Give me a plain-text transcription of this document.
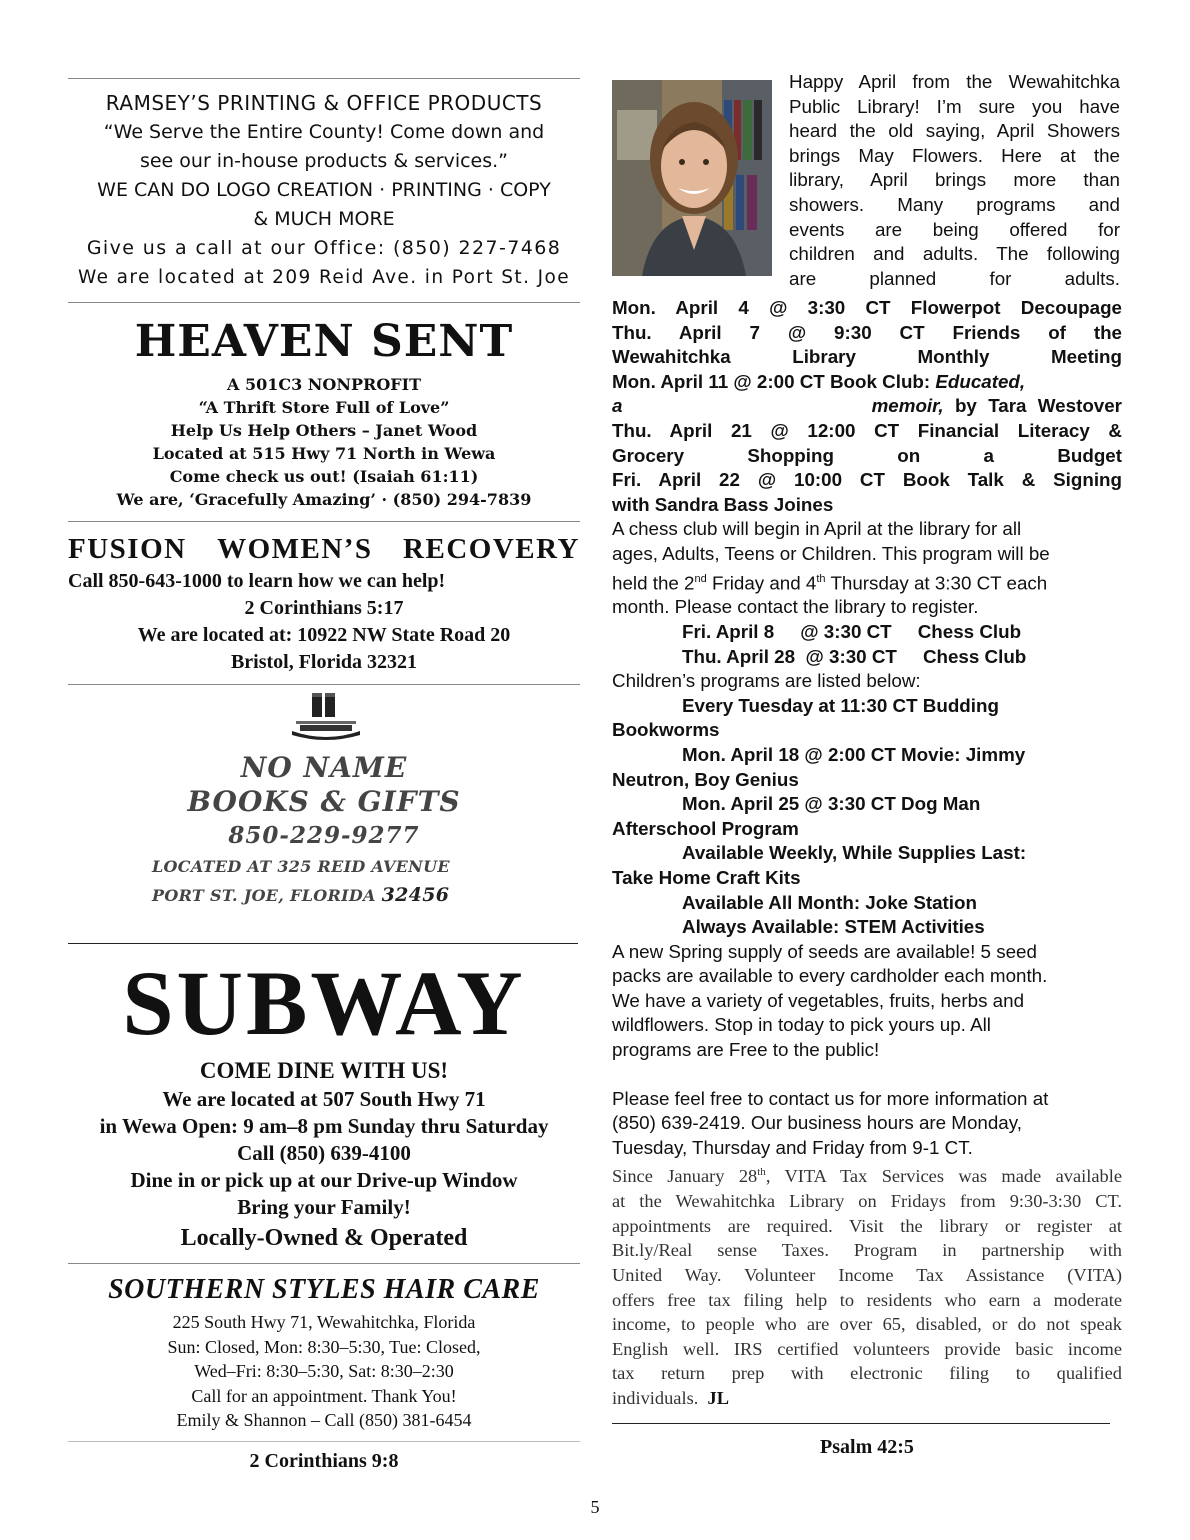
RAMSEY’S PRINTING & OFFICE PRODUCTS
“We Serve the Entire County! Come down and
see our in-house products & services.”
WE CAN DO LOGO CREATION · PRINTING · COPY
& MUCH MORE
Give us a call at our Office: (850) 227-7468
We are located at 209 Reid Ave. in Port St. Joe
HEAVEN SENT
A 501C3 NONPROFIT
“A Thrift Store Full of Love”
Help Us Help Others – Janet Wood
Located at 515 Hwy 71 North in Wewa
Come check us out! (Isaiah 61:11)
We are, ‘Gracefully Amazing’ · (850) 294-7839
FUSION WOMEN’S RECOVERY
Call 850-643-1000 to learn how we can help!
2 Corinthians 5:17
We are located at: 10922 NW State Road 20
Bristol, Florida 32321
NO NAME
BOOKS & GIFTS
850-229-9277
LOCATED AT 325 REID AVENUE
PORT ST. JOE, FLORIDA 32456
SUBWAY
COME DINE WITH US!
We are located at 507 South Hwy 71
in Wewa Open: 9 am–8 pm Sunday thru Saturday
Call (850) 639-4100
Dine in or pick up at our Drive-up Window
Bring your Family!
Locally-Owned & Operated
SOUTHERN STYLES HAIR CARE
225 South Hwy 71, Wewahitchka, Florida
Sun: Closed, Mon: 8:30–5:30, Tue: Closed,
Wed–Fri: 8:30–5:30, Sat: 8:30–2:30
Call for an appointment. Thank You!
Emily & Shannon – Call (850) 381-6454
2 Corinthians 9:8
Happy April from the Wewahitchka
Public Library! I’m sure you have
heard the old saying, April Showers
brings May Flowers. Here at the
library, April brings more than
showers. Many programs and
events are being offered for
children and adults. The following
are planned for adults.
Mon. April 4 @ 3:30 CT Flowerpot Decoupage
Thu. April 7 @ 9:30 CT Friends of the
Wewahitchka Library Monthly Meeting
Mon. April 11 @ 2:00 CT Book Club: Educated,
a	memoir, by Tara Westover
Thu. April 21 @ 12:00 CT Financial Literacy &
Grocery Shopping on a Budget
Fri. April 22 @ 10:00 CT Book Talk & Signing
with Sandra Bass Joines
A chess club will begin in April at the library for all
ages, Adults, Teens or Children. This program will be
held the 2nd Friday and 4th Thursday at 3:30 CT each
month. Please contact the library to register.
Fri. April 8     @ 3:30 CT     Chess Club
Thu. April 28  @ 3:30 CT     Chess Club
Children’s programs are listed below:
Every Tuesday at 11:30 CT Budding
Bookworms
Mon. April 18 @ 2:00 CT Movie: Jimmy
Neutron, Boy Genius
Mon. April 25 @ 3:30 CT Dog Man
Afterschool Program
Available Weekly, While Supplies Last:
Take Home Craft Kits
Available All Month: Joke Station
Always Available: STEM Activities
A new Spring supply of seeds are available! 5 seed
packs are available to every cardholder each month.
We have a variety of vegetables, fruits, herbs and
wildflowers. Stop in today to pick yours up. All
programs are Free to the public!
Please feel free to contact us for more information at
(850) 639-2419. Our business hours are Monday,
Tuesday, Thursday and Friday from 9-1 CT.
Since January 28th, VITA Tax Services was made available
at the Wewahitchka Library on Fridays from 9:30-3:30 CT.
appointments are required. Visit the library or register at
Bit.ly/Real sense Taxes. Program in partnership with
United Way. Volunteer Income Tax Assistance (VITA)
offers free tax filing help to residents who earn a moderate
income, to people who are over 65, disabled, or do not speak
English well. IRS certified volunteers provide basic income
tax return prep with electronic filing to qualified
individuals. JL
Psalm 42:5
5
